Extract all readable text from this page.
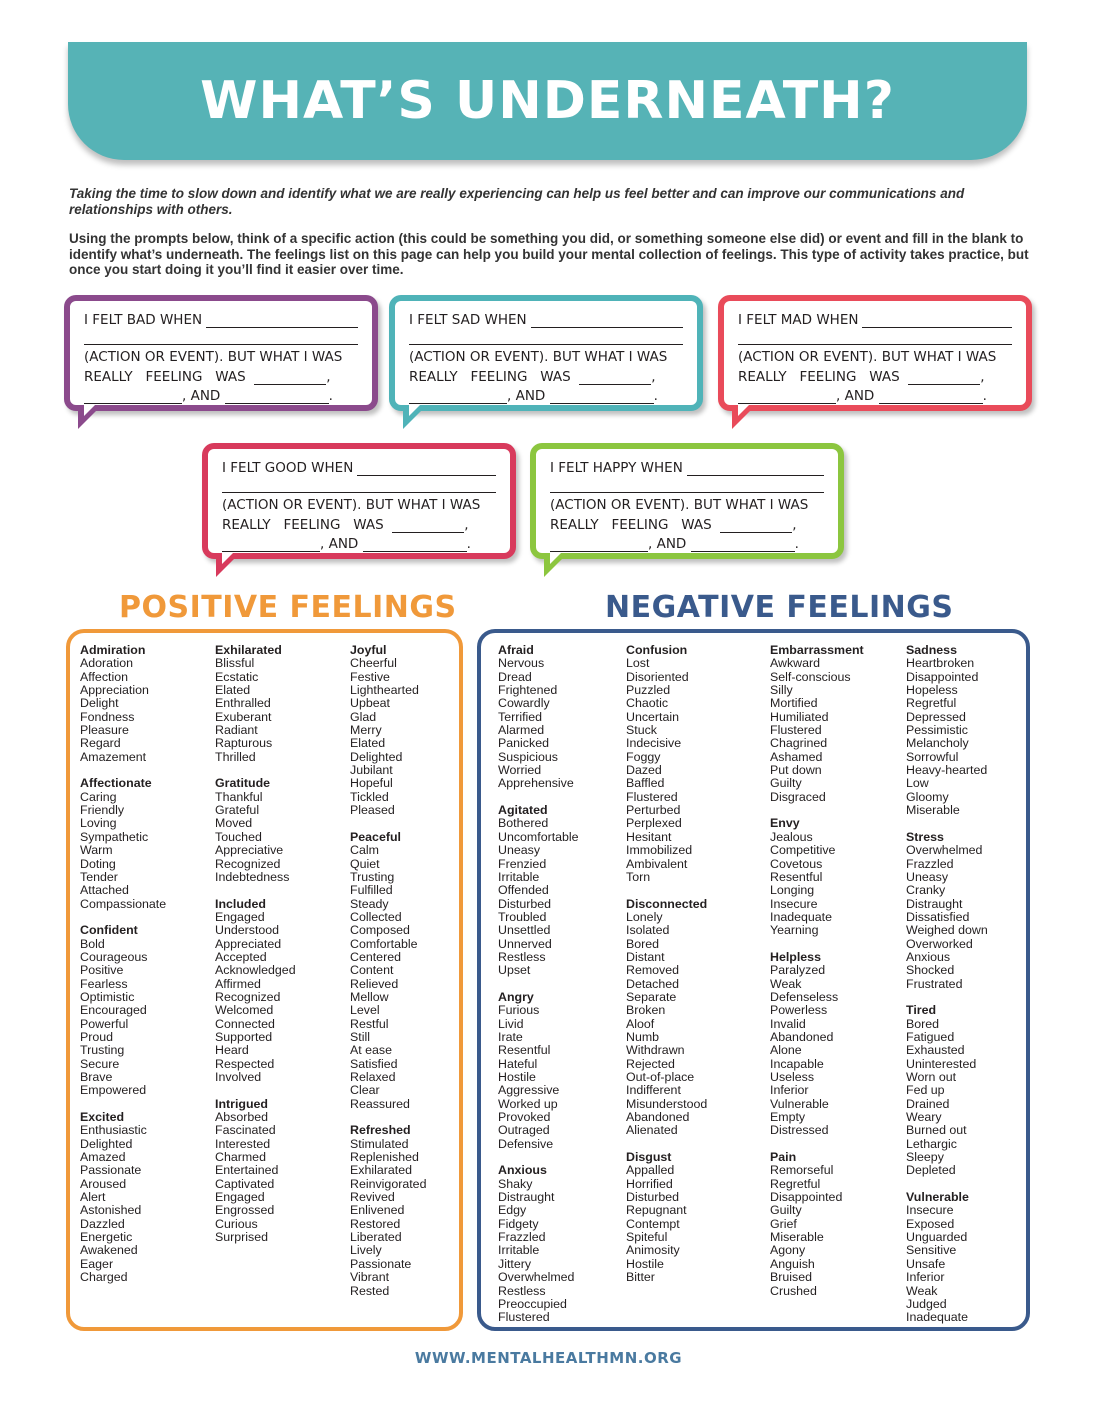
WHAT’S UNDERNEATH?

Taking the time to slow down and identify what we are really experiencing can help us feel better and can improve our communications and relationships with others.

Using the prompts below, think of a specific action (this could be something you did, or something someone else did) or event and fill in the blank to identify what’s underneath. The feelings list on this page can help you build your mental collection of feelings. This type of activity takes practice, but once you start doing it you’ll find it easier over time.

I FELT BAD WHEN
(ACTION OR EVENT). BUT WHAT I WAS
REALLY   FEELING   WAS
	,
, AND
	.
I FELT SAD WHEN
(ACTION OR EVENT). BUT WHAT I WAS
REALLY   FEELING   WAS
	,
, AND
	.
I FELT MAD WHEN
(ACTION OR EVENT). BUT WHAT I WAS
REALLY   FEELING   WAS
	,
, AND
	.
I FELT GOOD WHEN
(ACTION OR EVENT). BUT WHAT I WAS
REALLY   FEELING   WAS
	,
, AND
	.
I FELT HAPPY WHEN
(ACTION OR EVENT). BUT WHAT I WAS
REALLY   FEELING   WAS
	,
, AND
	.
POSITIVE FEELINGS	NEGATIVE FEELINGS
WWW.MENTALHEALTHMN.ORG
Admiration
Adoration
Affection
Appreciation
Delight
Fondness
Pleasure
Regard
Amazement
Affectionate
Caring
Friendly
Loving
Sympathetic
Warm
Doting
Tender
Attached
Compassionate
Confident
Bold
Courageous
Positive
Fearless
Optimistic
Encouraged
Powerful
Proud
Trusting
Secure
Brave
Empowered
Excited
Enthusiastic
Delighted
Amazed
Passionate
Aroused
Alert
Astonished
Dazzled
Energetic
Awakened
Eager
Charged
Exhilarated
Blissful
Ecstatic
Elated
Enthralled
Exuberant
Radiant
Rapturous
Thrilled
Gratitude
Thankful
Grateful
Moved
Touched
Appreciative
Recognized
Indebtedness
Included
Engaged
Understood
Appreciated
Accepted
Acknowledged
Affirmed
Recognized
Welcomed
Connected
Supported
Heard
Respected
Involved
Intrigued
Absorbed
Fascinated
Interested
Charmed
Entertained
Captivated
Engaged
Engrossed
Curious
Surprised
Joyful
Cheerful
Festive
Lighthearted
Upbeat
Glad
Merry
Elated
Delighted
Jubilant
Hopeful
Tickled
Pleased
Peaceful
Calm
Quiet
Trusting
Fulfilled
Steady
Collected
Composed
Comfortable
Centered
Content
Relieved
Mellow
Level
Restful
Still
At ease
Satisfied
Relaxed
Clear
Reassured
Refreshed
Stimulated
Replenished
Exhilarated
Reinvigorated
Revived
Enlivened
Restored
Liberated
Lively
Passionate
Vibrant
Rested
Afraid
Nervous
Dread
Frightened
Cowardly
Terrified
Alarmed
Panicked
Suspicious
Worried
Apprehensive
Agitated
Bothered
Uncomfortable
Uneasy
Frenzied
Irritable
Offended
Disturbed
Troubled
Unsettled
Unnerved
Restless
Upset
Angry
Furious
Livid
Irate
Resentful
Hateful
Hostile
Aggressive
Worked up
Provoked
Outraged
Defensive
Anxious
Shaky
Distraught
Edgy
Fidgety
Frazzled
Irritable
Jittery
Overwhelmed
Restless
Preoccupied
Flustered
Confusion
Lost
Disoriented
Puzzled
Chaotic
Uncertain
Stuck
Indecisive
Foggy
Dazed
Baffled
Flustered
Perturbed
Perplexed
Hesitant
Immobilized
Ambivalent
Torn
Disconnected
Lonely
Isolated
Bored
Distant
Removed
Detached
Separate
Broken
Aloof
Numb
Withdrawn
Rejected
Out-of-place
Indifferent
Misunderstood
Abandoned
Alienated
Disgust
Appalled
Horrified
Disturbed
Repugnant
Contempt
Spiteful
Animosity
Hostile
Bitter
Embarrassment
Awkward
Self-conscious
Silly
Mortified
Humiliated
Flustered
Chagrined
Ashamed
Put down
Guilty
Disgraced
Envy
Jealous
Competitive
Covetous
Resentful
Longing
Insecure
Inadequate
Yearning
Helpless
Paralyzed
Weak
Defenseless
Powerless
Invalid
Abandoned
Alone
Incapable
Useless
Inferior
Vulnerable
Empty
Distressed
Pain
Remorseful
Regretful
Disappointed
Guilty
Grief
Miserable
Agony
Anguish
Bruised
Crushed
Sadness
Heartbroken
Disappointed
Hopeless
Regretful
Depressed
Pessimistic
Melancholy
Sorrowful
Heavy-hearted
Low
Gloomy
Miserable
Stress
Overwhelmed
Frazzled
Uneasy
Cranky
Distraught
Dissatisfied
Weighed down
Overworked
Anxious
Shocked
Frustrated
Tired
Bored
Fatigued
Exhausted
Uninterested
Worn out
Fed up
Drained
Weary
Burned out
Lethargic
Sleepy
Depleted
Vulnerable
Insecure
Exposed
Unguarded
Sensitive
Unsafe
Inferior
Weak
Judged
Inadequate
